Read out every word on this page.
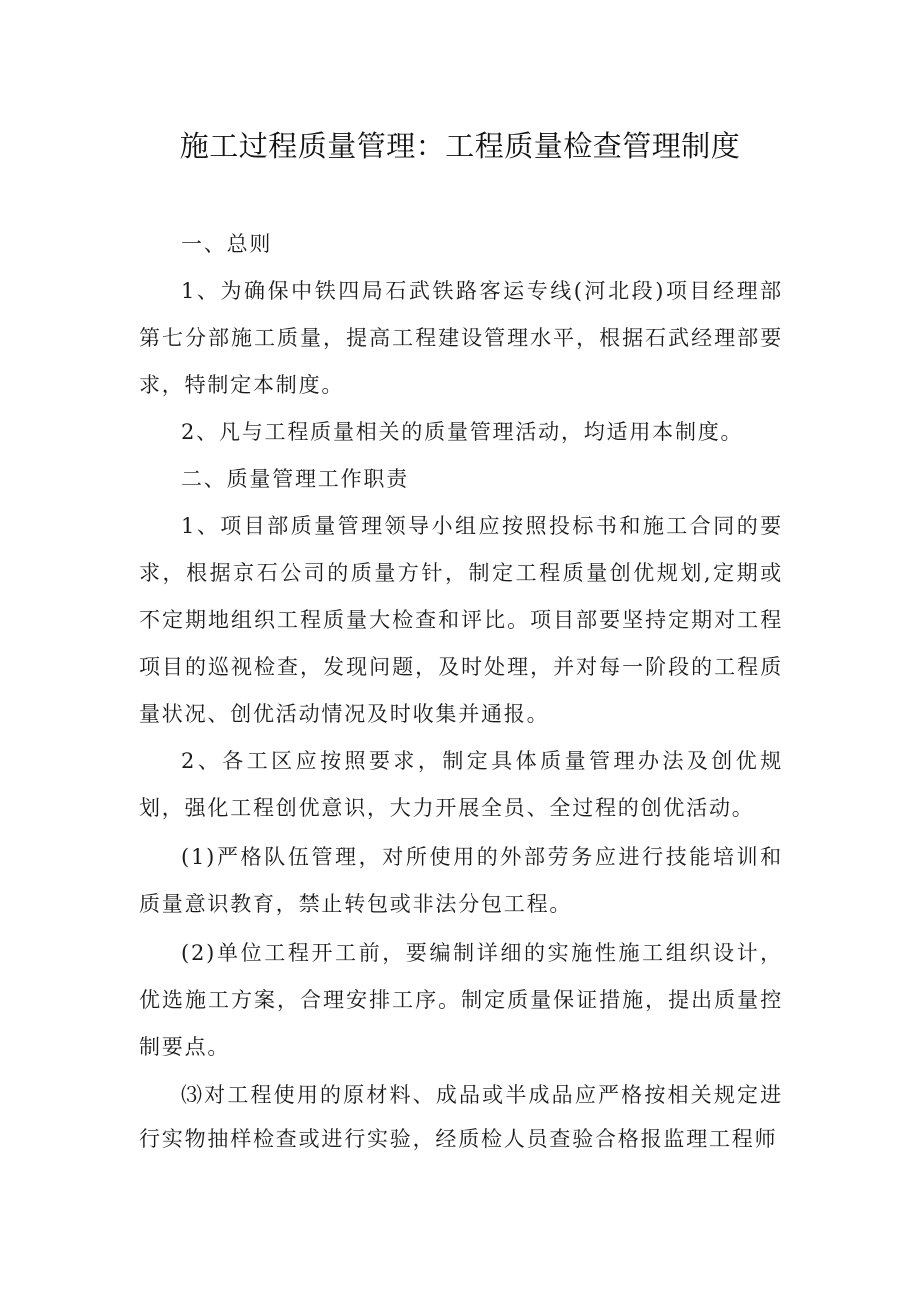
施工过程质量管理：工程质量检查管理制度

一、总则

1、为确保中铁四局石武铁路客运专线(河北段)项目经理部第七分部施工质量，提高工程建设管理水平，根据石武经理部要求，特制定本制度。

2、凡与工程质量相关的质量管理活动，均适用本制度。

二、质量管理工作职责

1、项目部质量管理领导小组应按照投标书和施工合同的要求，根据京石公司的质量方针，制定工程质量创优规划,定期或不定期地组织工程质量大检查和评比。项目部要坚持定期对工程项目的巡视检查，发现问题，及时处理，并对每一阶段的工程质量状况、创优活动情况及时收集并通报。

2、各工区应按照要求，制定具体质量管理办法及创优规划，强化工程创优意识，大力开展全员、全过程的创优活动。

(1)严格队伍管理，对所使用的外部劳务应进行技能培训和质量意识教育，禁止转包或非法分包工程。

(2)单位工程开工前，要编制详细的实施性施工组织设计，优选施工方案，合理安排工序。制定质量保证措施，提出质量控制要点。

⑶对工程使用的原材料、成品或半成品应严格按相关规定进行实物抽样检查或进行实验，经质检人员查验合格报监理工程师
